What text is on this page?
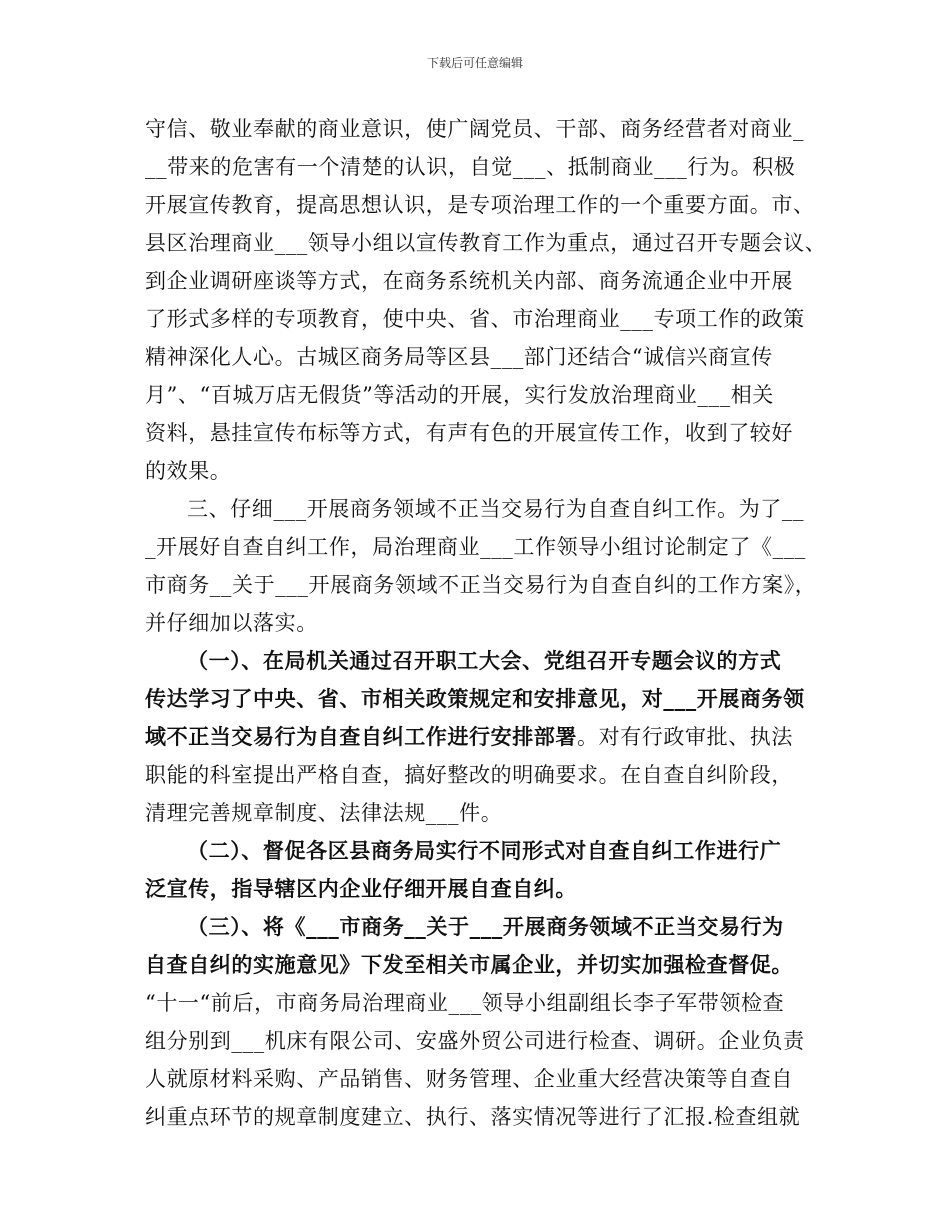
下载后可任意编辑
守信、敬业奉献的商业意识，使广阔党员、干部、商务经营者对商业_
__带来的危害有一个清楚的认识，自觉___、抵制商业___行为。积极
开展宣传教育，提高思想认识，是专项治理工作的一个重要方面。市、
县区治理商业___领导小组以宣传教育工作为重点，通过召开专题会议、
到企业调研座谈等方式，在商务系统机关内部、商务流通企业中开展
了形式多样的专项教育，使中央、省、市治理商业___专项工作的政策
精神深化人心。古城区商务局等区县___部门还结合“诚信兴商宣传
月”、“百城万店无假货”等活动的开展，实行发放治理商业___相关
资料，悬挂宣传布标等方式，有声有色的开展宣传工作，收到了较好
的效果。
三、仔细___开展商务领域不正当交易行为自查自纠工作。为了__
_开展好自查自纠工作，局治理商业___工作领导小组讨论制定了《___
市商务__关于___开展商务领域不正当交易行为自查自纠的工作方案》，
并仔细加以落实。
（一）、在局机关通过召开职工大会、党组召开专题会议的方式
传达学习了中央、省、市相关政策规定和安排意见，对___开展商务领
域不正当交易行为自查自纠工作进行安排部署。对有行政审批、执法
职能的科室提出严格自查，搞好整改的明确要求。在自查自纠阶段，
清理完善规章制度、法律法规___件。
（二）、督促各区县商务局实行不同形式对自查自纠工作进行广
泛宣传，指导辖区内企业仔细开展自查自纠。
（三）、将《___市商务__关于___开展商务领域不正当交易行为
自查自纠的实施意见》下发至相关市属企业，并切实加强检查督促。
“十一“前后，市商务局治理商业___领导小组副组长李子军带领检查
组分别到___机床有限公司、安盛外贸公司进行检查、调研。企业负责
人就原材料采购、产品销售、财务管理、企业重大经营决策等自查自
纠重点环节的规章制度建立、执行、落实情况等进行了汇报.检查组就
